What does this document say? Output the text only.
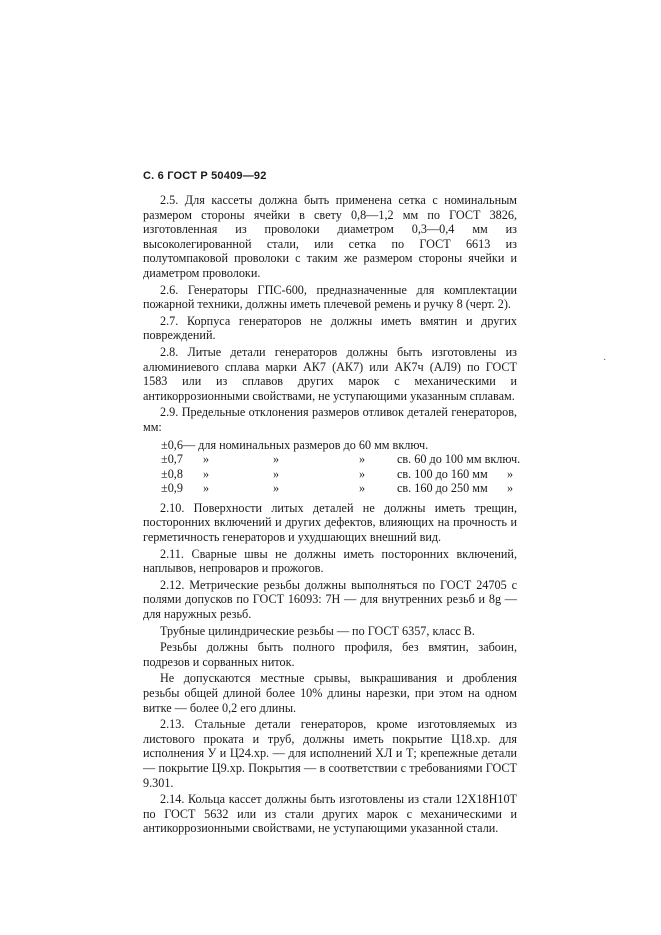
С. 6 ГОСТ Р 50409—92
·

2.5. Для кассеты должна быть применена сетка с номинальным размером стороны ячейки в свету 0,8—1,2 мм по ГОСТ 3826, изготовленная из проволоки диаметром 0,3—0,4 мм из высоколегированной стали, или сетка по ГОСТ 6613 из полутомпаковой проволоки с таким же размером стороны ячейки и диаметром проволоки.

2.6. Генераторы ГПС-600, предназначенные для комплектации пожарной техники, должны иметь плечевой ремень и ручку 8 (черт. 2).

2.7. Корпуса генераторов не должны иметь вмятин и других повреждений.

2.8. Литые детали генераторов должны быть изготовлены из алюминиевого сплава марки АК7 (АК7) или АК7ч (АЛ9) по ГОСТ 1583 или из сплавов других марок с механическими и антикоррозионными свойствами, не уступающими указанным сплавам.

2.9. Предельные отклонения размеров отливок деталей генераторов, мм:

±0,6 — для номинальных размеров до 60 мм включ.
±0,7	»	»	»	св. 60 до 100 мм включ.
±0,8	»	»	»	св. 100 до 160 мм	»
±0,9	»	»	»	св. 160 до 250 мм	»

2.10. Поверхности литых деталей не должны иметь трещин, посторонних включений и других дефектов, влияющих на прочность и герметичность генераторов и ухудшающих внешний вид.

2.11. Сварные швы не должны иметь посторонних включений, наплывов, непроваров и прожогов.

2.12. Метрические резьбы должны выполняться по ГОСТ 24705 с полями допусков по ГОСТ 16093: 7Н — для внутренних резьб и 8g — для наружных резьб.

Трубные цилиндрические резьбы — по ГОСТ 6357, класс В.

Резьбы должны быть полного профиля, без вмятин, забоин, подрезов и сорванных ниток.

Не допускаются местные срывы, выкрашивания и дробления резьбы общей длиной более 10% длины нарезки, при этом на одном витке — более 0,2 его длины.

2.13. Стальные детали генераторов, кроме изготовляемых из листового проката и труб, должны иметь покрытие Ц18.хр. для исполнения У и Ц24.хр. — для исполнений ХЛ и Т; крепежные детали — покрытие Ц9.хр. Покрытия — в соответствии с требованиями ГОСТ 9.301.

2.14. Кольца кассет должны быть изготовлены из стали 12Х18Н10Т по ГОСТ 5632 или из стали других марок с механическими и антикоррозионными свойствами, не уступающими указанной стали.
